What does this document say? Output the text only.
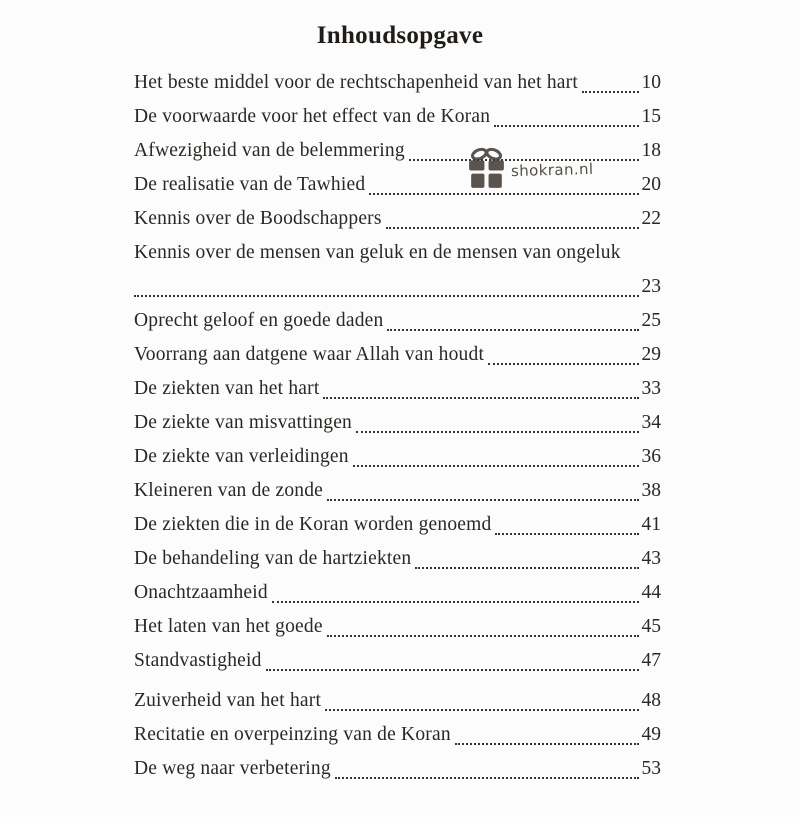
Inhoudsopgave
Het beste middel voor de rechtschapenheid van het hart	10
De voorwaarde voor het effect van de Koran	15
Afwezigheid van de belemmering	18
De realisatie van de Tawhied	20
Kennis over de Boodschappers	22
Kennis over de mensen van geluk en de mensen van ongeluk
23
Oprecht geloof en goede daden	25
Voorrang aan datgene waar Allah van houdt	29
De ziekten van het hart	33
De ziekte van misvattingen	34
De ziekte van verleidingen	36
Kleineren van de zonde	38
De ziekten die in de Koran worden genoemd	41
De behandeling van de hartziekten	43
Onachtzaamheid	44
Het laten van het goede	45
Standvastigheid	47
Zuiverheid van het hart	48
Recitatie en overpeinzing van de Koran	49
De weg naar verbetering	53
shokran.nl
